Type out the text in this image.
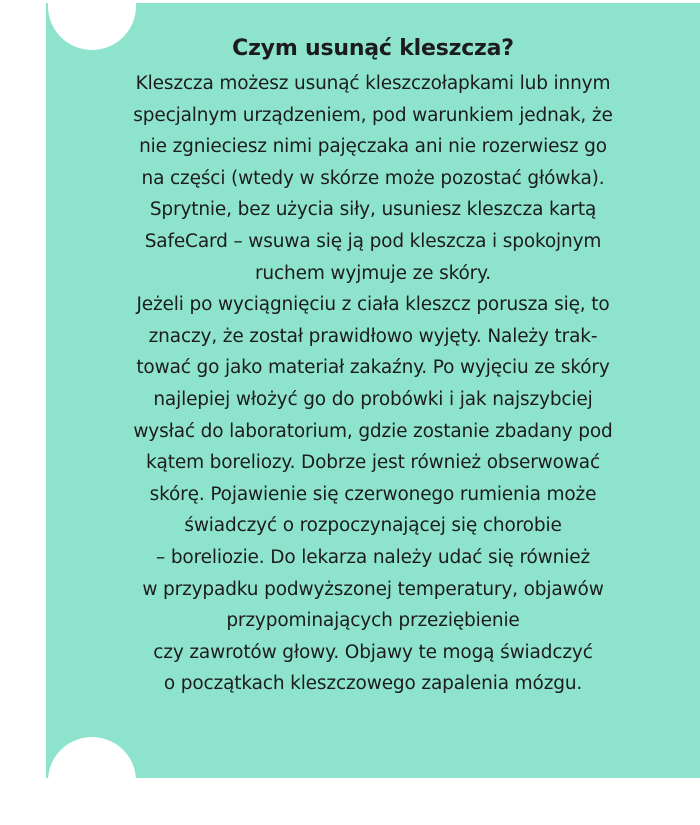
Czym usunąć kleszcza?
Kleszcza możesz usunąć kleszczołapkami lub innym
specjalnym urządzeniem, pod warunkiem jednak, że
nie zgnieciesz nimi pajęczaka ani nie rozerwiesz go
na części (wtedy w skórze może pozostać główka).
Sprytnie, bez użycia siły, usuniesz kleszcza kartą
SafeCard – wsuwa się ją pod kleszcza i spokojnym
ruchem wyjmuje ze skóry.
Jeżeli po wyciągnięciu z ciała kleszcz porusza się, to
znaczy, że został prawidłowo wyjęty. Należy trak-
tować go jako materiał zakaźny. Po wyjęciu ze skóry
najlepiej włożyć go do probówki i jak najszybciej
wysłać do laboratorium, gdzie zostanie zbadany pod
kątem boreliozy. Dobrze jest również obserwować
skórę. Pojawienie się czerwonego rumienia może
świadczyć o rozpoczynającej się chorobie
– boreliozie. Do lekarza należy udać się również
w przypadku podwyższonej temperatury, objawów
przypominających przeziębienie
czy zawrotów głowy. Objawy te mogą świadczyć
o początkach kleszczowego zapalenia mózgu.
